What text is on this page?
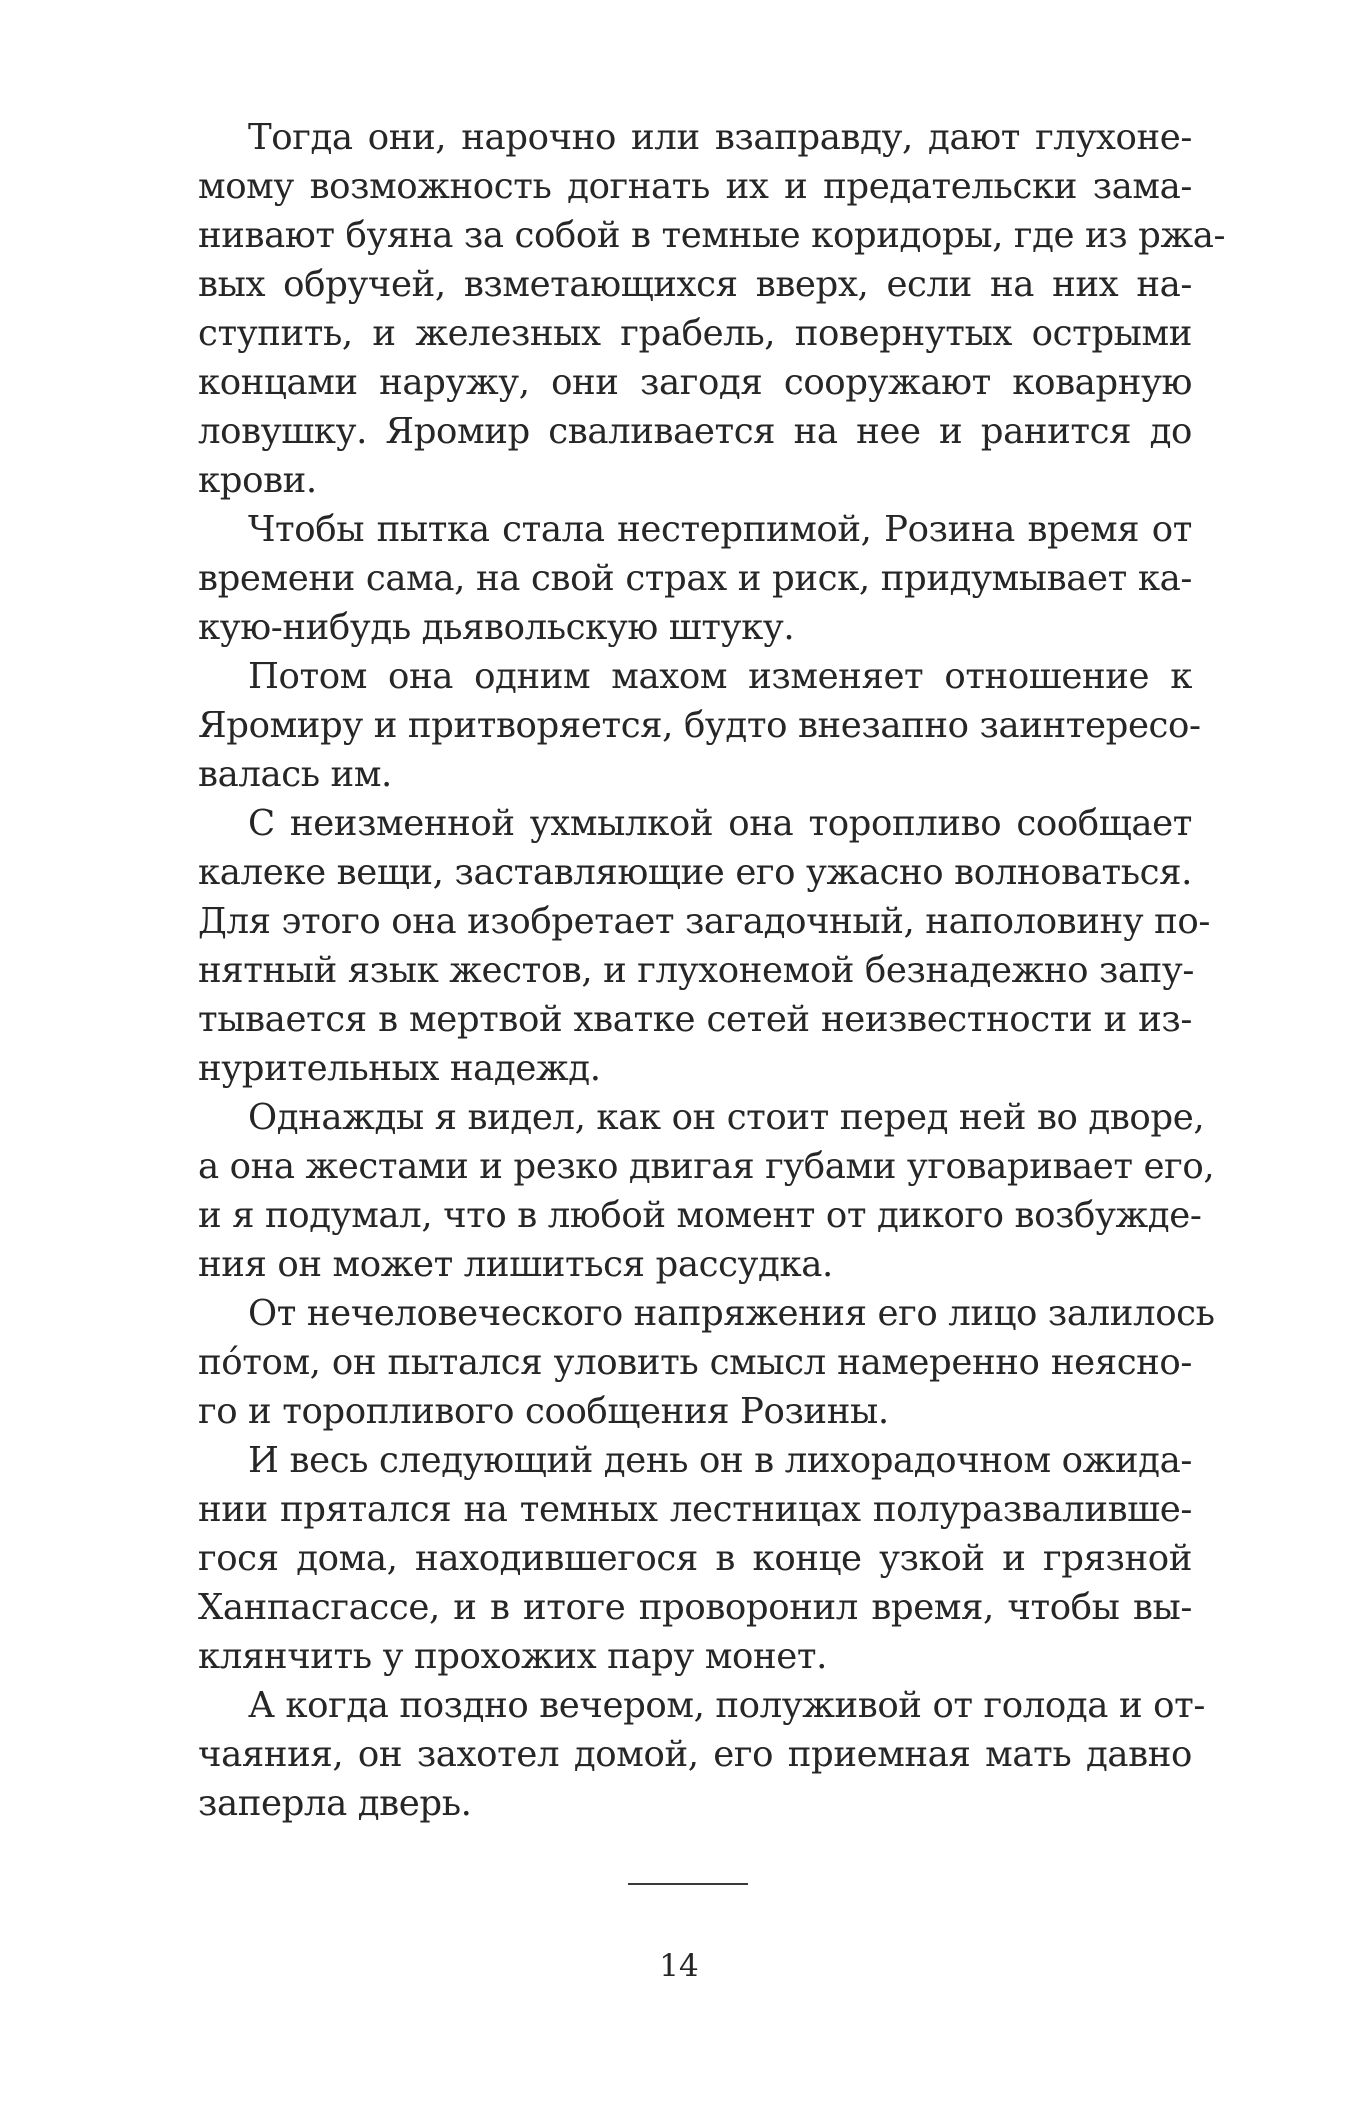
Тогда они, нарочно или взаправду, дают глухоне-
мому возможность догнать их и предательски зама-
нивают буяна за собой в темные коридоры, где из ржа-
вых обручей, взметающихся вверх, если на них на-
ступить, и железных грабель, повернутых острыми
концами наружу, они загодя сооружают коварную
ловушку. Яромир сваливается на нее и ранится до
крови.
Чтобы пытка стала нестерпимой, Розина время от
времени сама, на свой страх и риск, придумывает ка-
кую-нибудь дьявольскую штуку.
Потом она одним махом изменяет отношение к
Яромиру и притворяется, будто внезапно заинтересо-
валась им.
С неизменной ухмылкой она торопливо сообщает
калеке вещи, заставляющие его ужасно волноваться.
Для этого она изобретает загадочный, наполовину по-
нятный язык жестов, и глухонемой безнадежно запу-
тывается в мертвой хватке сетей неизвестности и из-
нурительных надежд.
Однажды я видел, как он стоит перед ней во дворе,
а она жестами и резко двигая губами уговаривает его,
и я подумал, что в любой момент от дикого возбужде-
ния он может лишиться рассудка.
От нечеловеческого напряжения его лицо залилось
пóтом, он пытался уловить смысл намеренно неясно-
го и торопливого сообщения Розины.
И весь следующий день он в лихорадочном ожида-
нии прятался на темных лестницах полуразвалившe-
гося дома, находившегося в конце узкой и грязной
Ханпасгассе, и в итоге проворонил время, чтобы вы-
клянчить у прохожих пару монет.
А когда поздно вечером, полуживой от голода и от-
чаяния, он захотел домой, его приемная мать давно
заперла дверь.
14
